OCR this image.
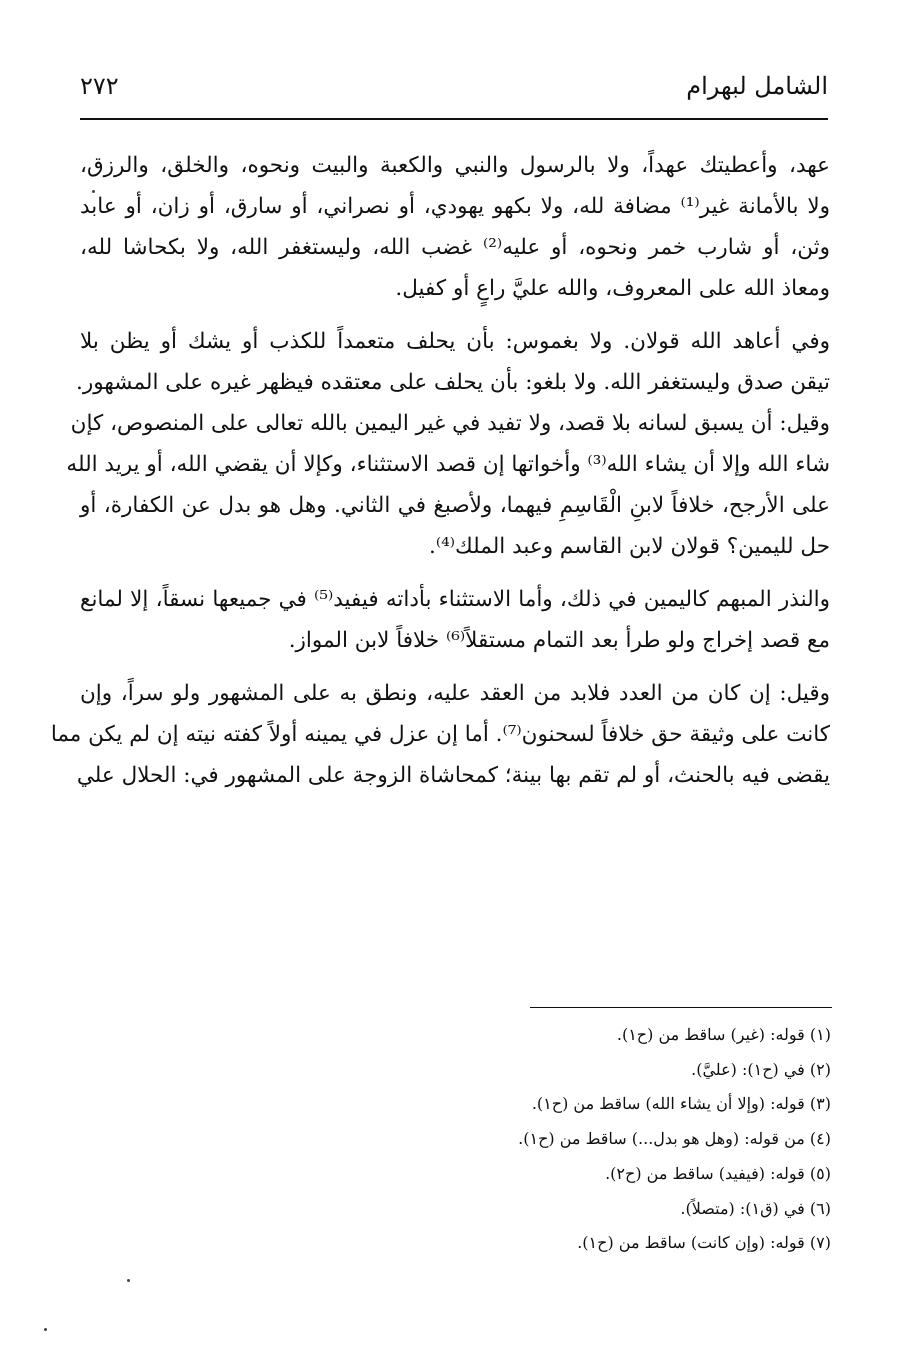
الشامل لبهرام
٢٧٢

عهد، وأعطيتك عهداً، ولا بالرسول والنبي والكعبة والبيت ونحوه، والخلق، والرزق،
ولا بالأمانة غير⁽¹⁾ مضافة لله، ولا بكهو يهودي، أو نصراني، أو سارق، أو زان، أو عابد
وثن، أو شارب خمر ونحوه، أو عليه⁽²⁾ غضب الله، وليستغفر الله، ولا بكحاشا لله،
ومعاذ الله على المعروف، والله عليَّ راعٍ أو كفيل.

وفي أعاهد الله قولان. ولا بغموس: بأن يحلف متعمداً للكذب أو يشك أو يظن بلا
تيقن صدق وليستغفر الله. ولا بلغو: بأن يحلف على معتقده فيظهر غيره على المشهور.
وقيل: أن يسبق لسانه بلا قصد، ولا تفيد في غير اليمين بالله تعالى على المنصوص، كإن
شاء الله وإلا أن يشاء الله⁽³⁾ وأخواتها إن قصد الاستثناء، وكإلا أن يقضي الله، أو يريد الله
على الأرجح، خلافاً لابنِ الْقَاسِمِ فيهما، ولأصبغ في الثاني. وهل هو بدل عن الكفارة، أو
حل لليمين؟ قولان لابن القاسم وعبد الملك⁽⁴⁾.

والنذر المبهم كاليمين في ذلك، وأما الاستثناء بأداته فيفيد⁽⁵⁾ في جميعها نسقاً، إلا لمانع
مع قصد إخراج ولو طرأ بعد التمام مستقلاً⁽⁶⁾ خلافاً لابن المواز.

وقيل: إن كان من العدد فلابد من العقد عليه، ونطق به على المشهور ولو سراً، وإن
كانت على وثيقة حق خلافاً لسحنون⁽⁷⁾. أما إن عزل في يمينه أولاً كفته نيته إن لم يكن مما
يقضى فيه بالحنث، أو لم تقم بها بينة؛ كمحاشاة الزوجة على المشهور في: الحلال علي

(١) قوله: (غير) ساقط من (ح١).
(٢) في (ح١): (عليَّ).
(٣) قوله: (وإلا أن يشاء الله) ساقط من (ح١).
(٤) من قوله: (وهل هو بدل...) ساقط من (ح١).
(٥) قوله: (فيفيد) ساقط من (ح٢).
(٦) في (ق١): (متصلاً).
(٧) قوله: (وإن كانت) ساقط من (ح١).
